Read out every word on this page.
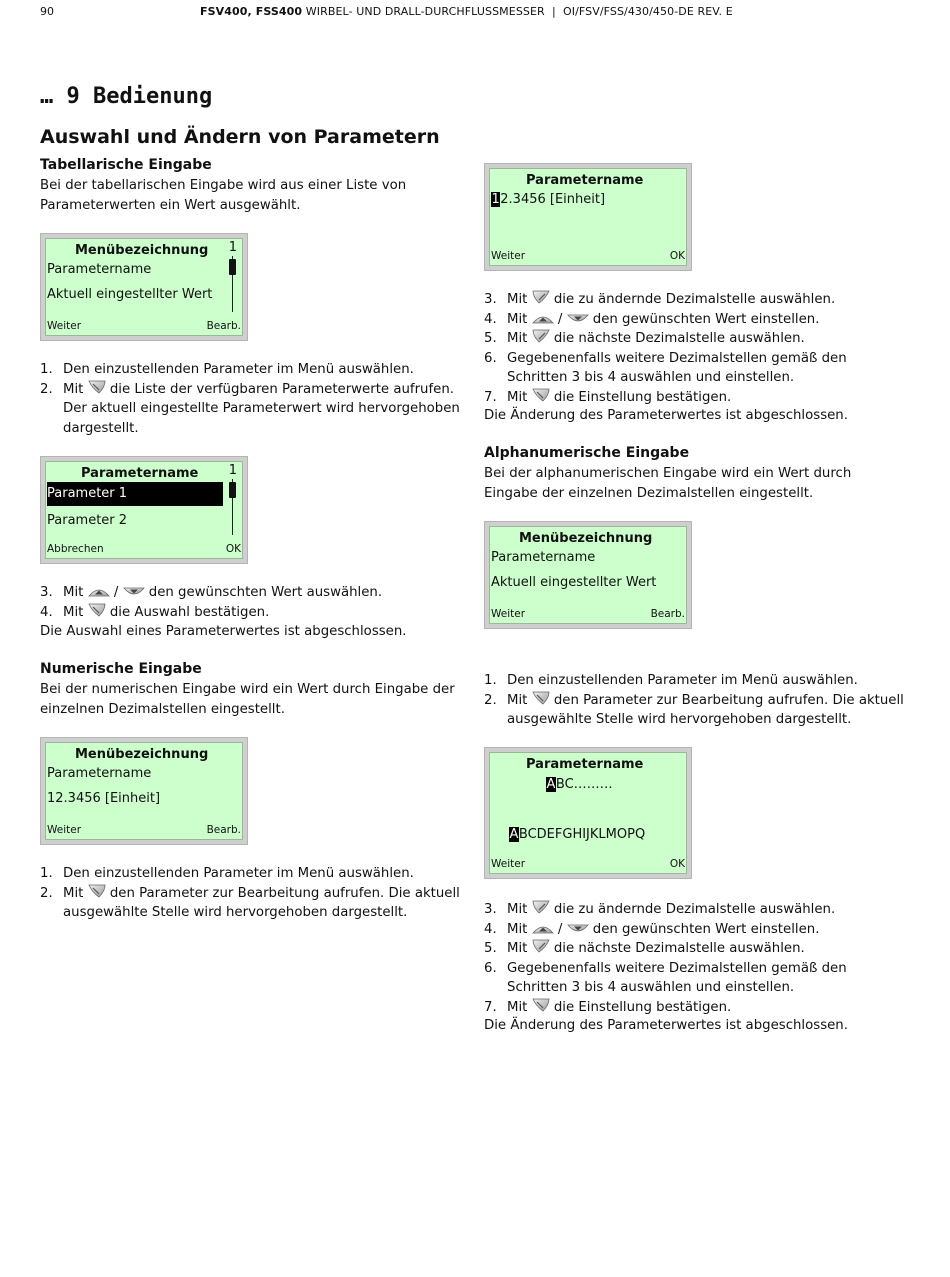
90	FSV400, FSS400 WIRBEL- UND DRALL-DURCHFLUSSMESSER  |  OI/FSV/FSS/430/450-DE REV. E
… 9 Bedienung
Auswahl und Ändern von Parametern
Tabellarische Eingabe
Bei der tabellarischen Eingabe wird aus einer Liste von Parameterwerten ein Wert ausgewählt.
Menübezeichnung 1
Parametername
Aktuell eingestellter Wert
Weiter	Bearb.
1. Den einzustellenden Parameter im Menü auswählen.
2. Mit  die Liste der verfügbaren Parameterwerte aufrufen. Der aktuell eingestellte Parameterwert wird hervorgehoben dargestellt.
Parametername 1
Parameter 1
Parameter 2
Abbrechen	OK
3. Mit  /  den gewünschten Wert auswählen.
4. Mit  die Auswahl bestätigen.
Die Auswahl eines Parameterwertes ist abgeschlossen.
Numerische Eingabe
Bei der numerischen Eingabe wird ein Wert durch Eingabe der einzelnen Dezimalstellen eingestellt.
Menübezeichnung
Parametername
12.3456 [Einheit]
Weiter	Bearb.
1. Den einzustellenden Parameter im Menü auswählen.
2. Mit  den Parameter zur Bearbeitung aufrufen. Die aktuell ausgewählte Stelle wird hervorgehoben dargestellt.
Parametername
12.3456 [Einheit]
Weiter	OK
3. Mit  die zu ändernde Dezimalstelle auswählen.
4. Mit  /  den gewünschten Wert einstellen.
5. Mit  die nächste Dezimalstelle auswählen.
6. Gegebenenfalls weitere Dezimalstellen gemäß den Schritten 3 bis 4 auswählen und einstellen.
7. Mit  die Einstellung bestätigen.
Die Änderung des Parameterwertes ist abgeschlossen.
Alphanumerische Eingabe
Bei der alphanumerischen Eingabe wird ein Wert durch Eingabe der einzelnen Dezimalstellen eingestellt.
Menübezeichnung
Parametername
Aktuell eingestellter Wert
Weiter	Bearb.
1. Den einzustellenden Parameter im Menü auswählen.
2. Mit  den Parameter zur Bearbeitung aufrufen. Die aktuell ausgewählte Stelle wird hervorgehoben dargestellt.
Parametername
ABC………
ABCDEFGHIJKLMOPQ
Weiter	OK
3. Mit  die zu ändernde Dezimalstelle auswählen.
4. Mit  /  den gewünschten Wert einstellen.
5. Mit  die nächste Dezimalstelle auswählen.
6. Gegebenenfalls weitere Dezimalstellen gemäß den Schritten 3 bis 4 auswählen und einstellen.
7. Mit  die Einstellung bestätigen.
Die Änderung des Parameterwertes ist abgeschlossen.
